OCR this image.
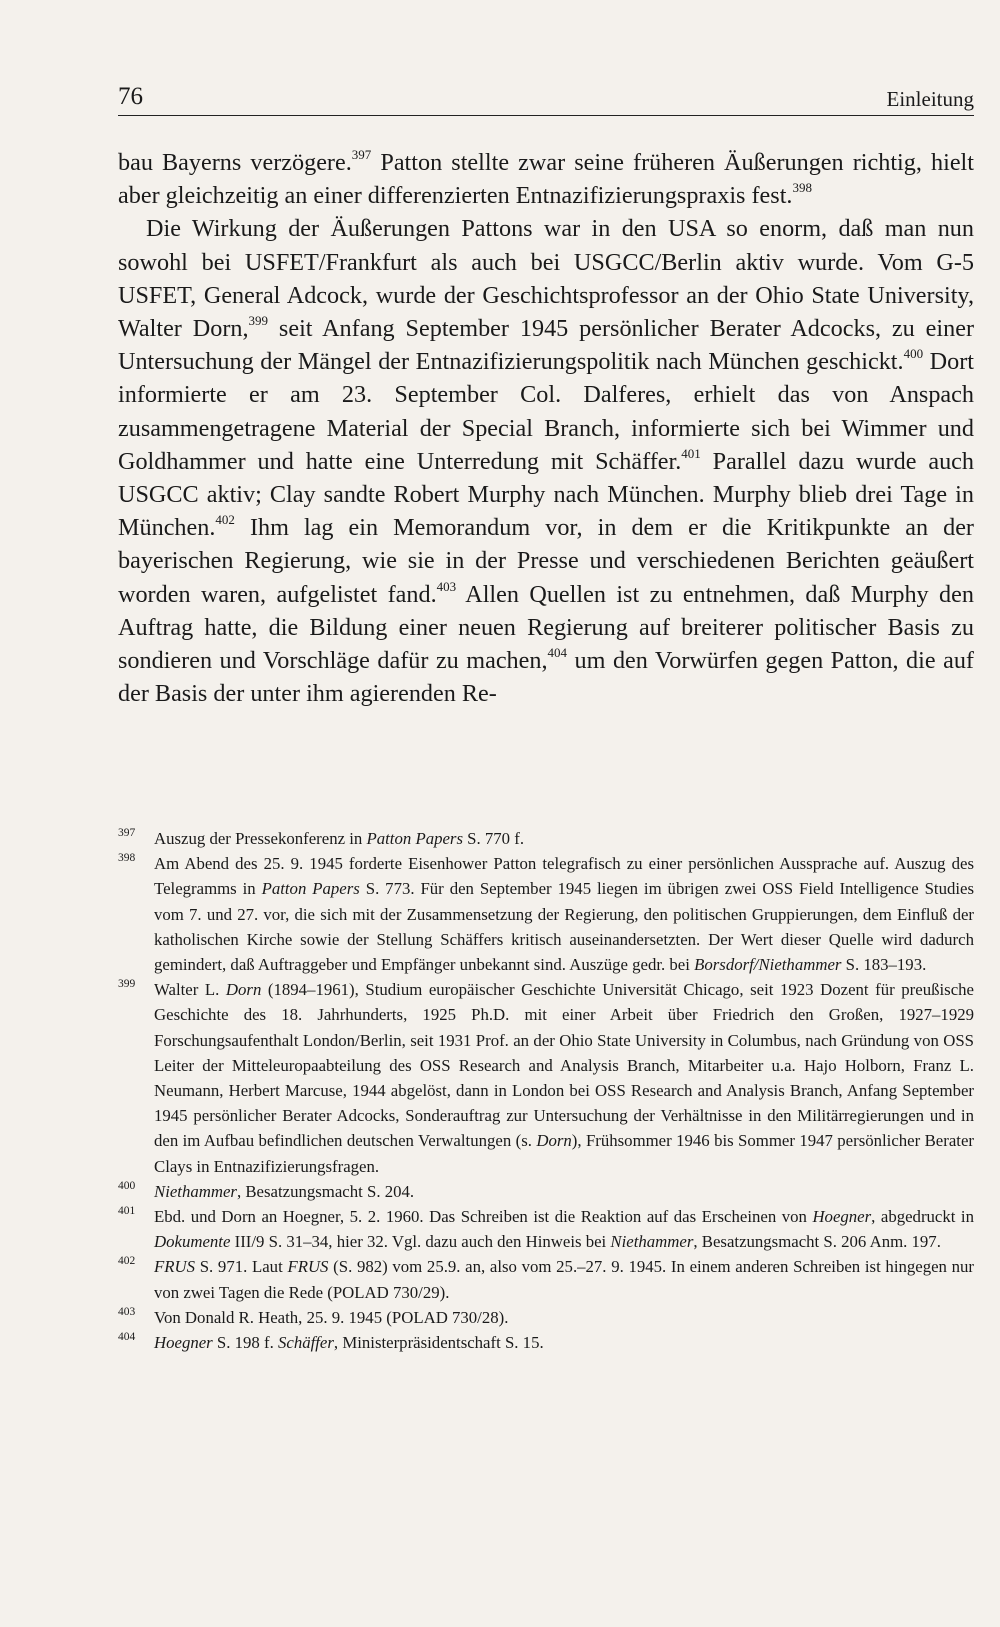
76	Einleitung

bau Bayerns verzögere.$^{397}$ Patton stellte zwar seine früheren Äußerungen richtig, hielt aber gleichzeitig an einer differenzierten Entnazifizierungspraxis fest.$^{398}$

Die Wirkung der Äußerungen Pattons war in den USA so enorm, daß man nun sowohl bei USFET/Frankfurt als auch bei USGCC/Berlin aktiv wurde. Vom G-5 USFET, General Adcock, wurde der Geschichtsprofessor an der Ohio State University, Walter Dorn,$^{399}$ seit Anfang September 1945 persönlicher Berater Adcocks, zu einer Untersuchung der Mängel der Entnazifizierungspolitik nach München geschickt.$^{400}$ Dort informierte er am 23. September Col. Dalferes, erhielt das von Anspach zusammengetragene Material der Special Branch, informierte sich bei Wimmer und Goldhammer und hatte eine Unterredung mit Schäffer.$^{401}$ Parallel dazu wurde auch USGCC aktiv; Clay sandte Robert Murphy nach München. Murphy blieb drei Tage in München.$^{402}$ Ihm lag ein Memorandum vor, in dem er die Kritikpunkte an der bayerischen Regierung, wie sie in der Presse und verschiedenen Berichten geäußert worden waren, aufgelistet fand.$^{403}$ Allen Quellen ist zu entnehmen, daß Murphy den Auftrag hatte, die Bildung einer neuen Regierung auf breiterer politischer Basis zu sondieren und Vorschläge dafür zu machen,$^{404}$ um den Vorwürfen gegen Patton, die auf der Basis der unter ihm agierenden Re-

397 Auszug der Pressekonferenz in Patton Papers S. 770 f.
398 Am Abend des 25. 9. 1945 forderte Eisenhower Patton telegrafisch zu einer persönlichen Aussprache auf. Auszug des Telegramms in Patton Papers S. 773. Für den September 1945 liegen im übrigen zwei OSS Field Intelligence Studies vom 7. und 27. vor, die sich mit der Zusammensetzung der Regierung, den politischen Gruppierungen, dem Einfluß der katholischen Kirche sowie der Stellung Schäffers kritisch auseinandersetzten. Der Wert dieser Quelle wird dadurch gemindert, daß Auftraggeber und Empfänger unbekannt sind. Auszüge gedr. bei Borsdorf/Niethammer S. 183–193.
399 Walter L. Dorn (1894–1961), Studium europäischer Geschichte Universität Chicago, seit 1923 Dozent für preußische Geschichte des 18. Jahrhunderts, 1925 Ph.D. mit einer Arbeit über Friedrich den Großen, 1927–1929 Forschungsaufenthalt London/Berlin, seit 1931 Prof. an der Ohio State University in Columbus, nach Gründung von OSS Leiter der Mitteleuropaabteilung des OSS Research and Analysis Branch, Mitarbeiter u.a. Hajo Holborn, Franz L. Neumann, Herbert Marcuse, 1944 abgelöst, dann in London bei OSS Research and Analysis Branch, Anfang September 1945 persönlicher Berater Adcocks, Sonderauftrag zur Untersuchung der Verhältnisse in den Militärregierungen und in den im Aufbau befindlichen deutschen Verwaltungen (s. Dorn), Frühsommer 1946 bis Sommer 1947 persönlicher Berater Clays in Entnazifizierungsfragen.
400 Niethammer, Besatzungsmacht S. 204.
401 Ebd. und Dorn an Hoegner, 5. 2. 1960. Das Schreiben ist die Reaktion auf das Erscheinen von Hoegner, abgedruckt in Dokumente III/9 S. 31–34, hier 32. Vgl. dazu auch den Hinweis bei Niethammer, Besatzungsmacht S. 206 Anm. 197.
402 FRUS S. 971. Laut FRUS (S. 982) vom 25.9. an, also vom 25.–27. 9. 1945. In einem anderen Schreiben ist hingegen nur von zwei Tagen die Rede (POLAD 730/29).
403 Von Donald R. Heath, 25. 9. 1945 (POLAD 730/28).
404 Hoegner S. 198 f. Schäffer, Ministerpräsidentschaft S. 15.
